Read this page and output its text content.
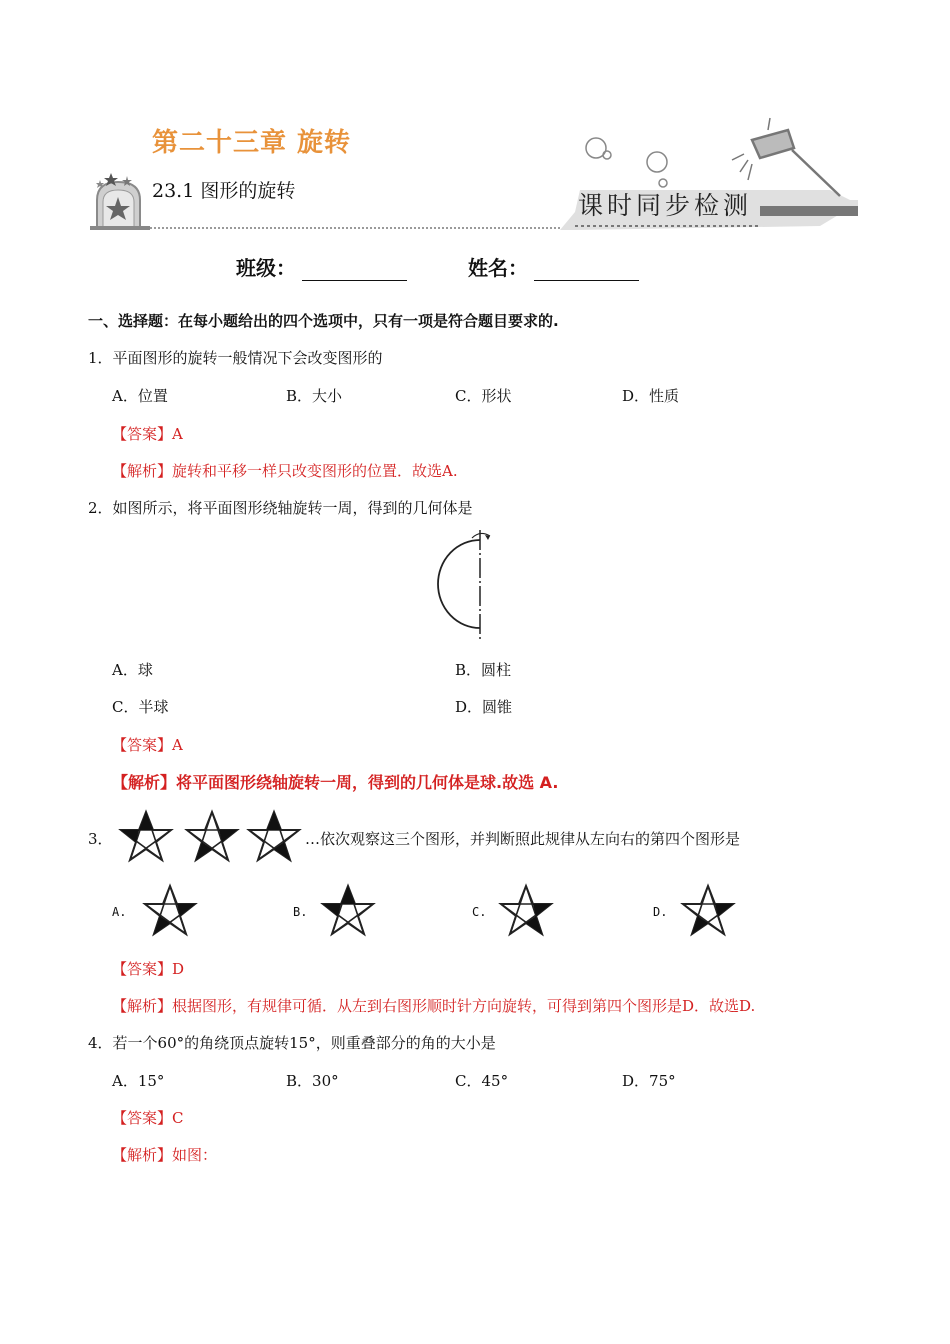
第二十三章 旋转
23.1 图形的旋转	课时同步检测
班级：	姓名：
一、选择题：在每小题给出的四个选项中，只有一项是符合题目要求的.
1．平面图形的旋转一般情况下会改变图形的
A．位置	B．大小	C．形状	D．性质
【答案】A
【解析】旋转和平移一样只改变图形的位置．故选A.
2．如图所示，将平面图形绕轴旋转一周，得到的几何体是
A．球	B．圆柱
C．半球	D．圆锥
【答案】A
【解析】将平面图形绕轴旋转一周，得到的几何体是球.故选 A.
3．	…依次观察这三个图形，并判断照此规律从左向右的第四个图形是
A.	B.	C.	D.
【答案】D
【解析】根据图形，有规律可循．从左到右图形顺时针方向旋转，可得到第四个图形是D．故选D.
4．若一个60°的角绕顶点旋转15°，则重叠部分的角的大小是
A．15°	B．30°	C．45°	D．75°
【答案】C
【解析】如图：
